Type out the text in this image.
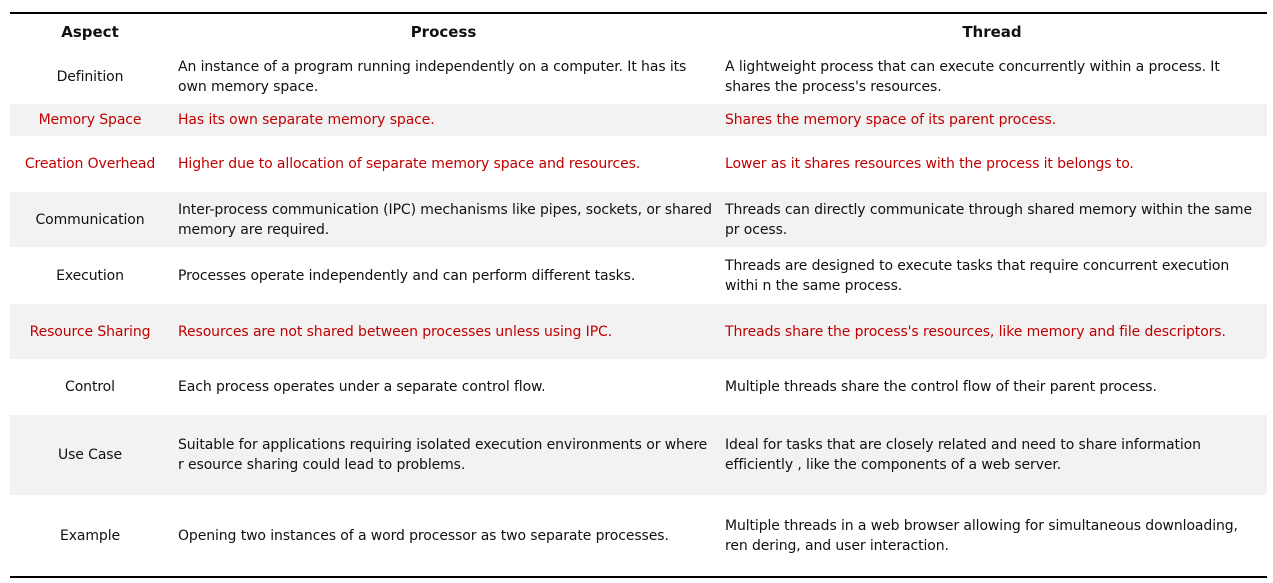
Aspect	Process	Thread
Definition	An instance of a program running independently on a computer. It has its own memory space.	A lightweight process that can execute concurrently within a process. It shares the process's resources.
Memory Space	Has its own separate memory space.	Shares the memory space of its parent process.
Creation Overhead	Higher due to allocation of separate memory space and resources.	Lower as it shares resources with the process it belongs to.
Communication	Inter-process communication (IPC) mechanisms like pipes, sockets, or shared memory are required.	Threads can directly communicate through shared memory within the same pr ocess.
Execution	Processes operate independently and can perform different tasks.	Threads are designed to execute tasks that require concurrent execution withi n the same process.
Resource Sharing	Resources are not shared between processes unless using IPC.	Threads share the process's resources, like memory and file descriptors.
Control	Each process operates under a separate control flow.	Multiple threads share the control flow of their parent process.
Use Case	Suitable for applications requiring isolated execution environments or where r esource sharing could lead to problems.	Ideal for tasks that are closely related and need to share information efficiently , like the components of a web server.
Example	Opening two instances of a word processor as two separate processes.	Multiple threads in a web browser allowing for simultaneous downloading, ren dering, and user interaction.
